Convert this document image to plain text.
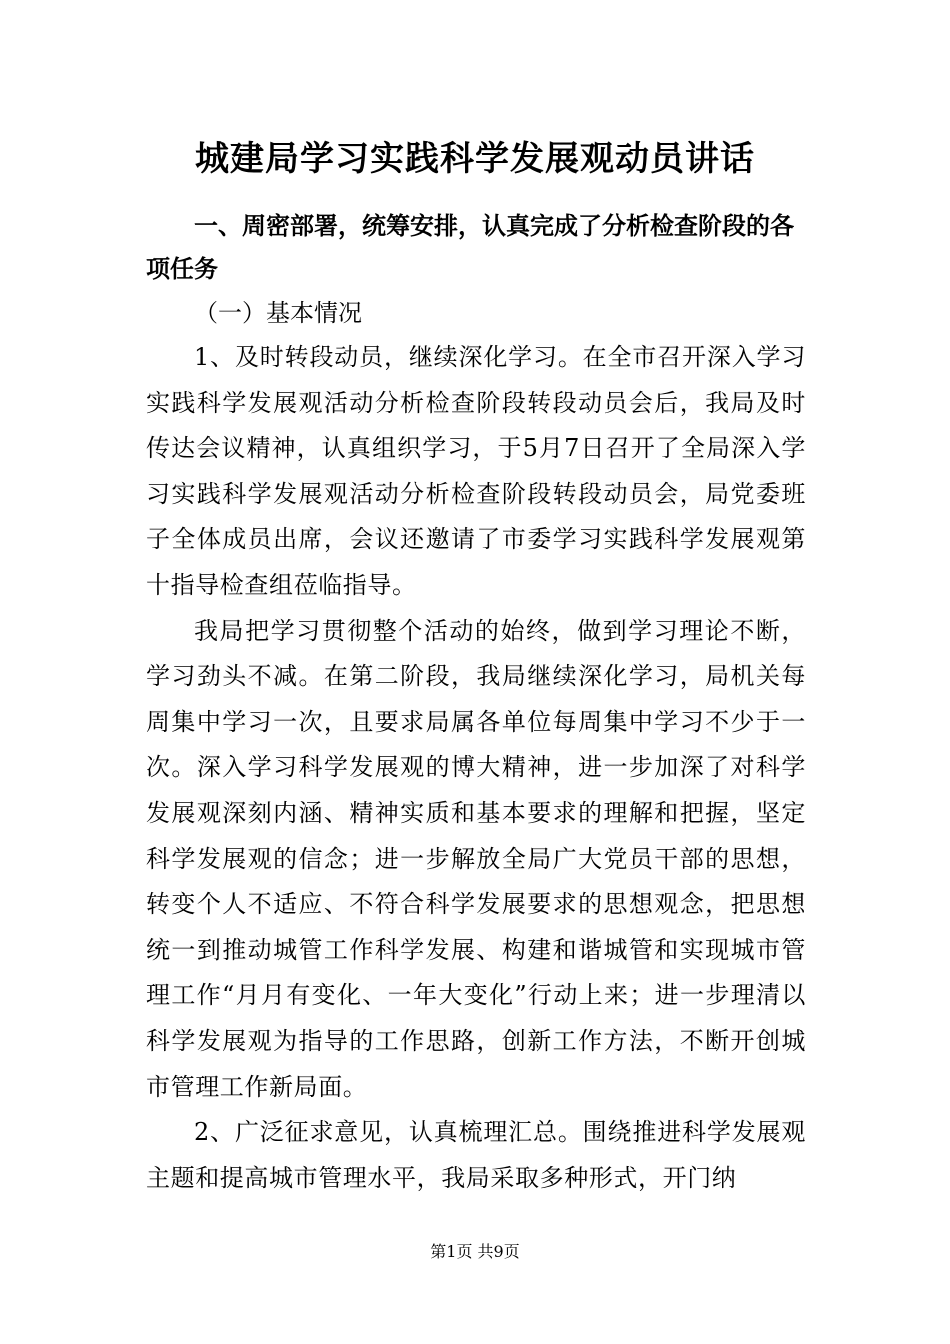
城建局学习实践科学发展观动员讲话

一、周密部署，统筹安排，认真完成了分析检查阶段的各项任务

（一）基本情况

1、及时转段动员，继续深化学习。在全市召开深入学习实践科学发展观活动分析检查阶段转段动员会后，我局及时传达会议精神，认真组织学习，于5月7日召开了全局深入学习实践科学发展观活动分析检查阶段转段动员会，局党委班子全体成员出席，会议还邀请了市委学习实践科学发展观第十指导检查组莅临指导。

我局把学习贯彻整个活动的始终，做到学习理论不断，学习劲头不减。在第二阶段，我局继续深化学习，局机关每周集中学习一次，且要求局属各单位每周集中学习不少于一次。深入学习科学发展观的博大精神，进一步加深了对科学发展观深刻内涵、精神实质和基本要求的理解和把握，坚定科学发展观的信念；进一步解放全局广大党员干部的思想，转变个人不适应、不符合科学发展要求的思想观念，把思想统一到推动城管工作科学发展、构建和谐城管和实现城市管理工作“月月有变化、一年大变化”行动上来；进一步理清以科学发展观为指导的工作思路，创新工作方法，不断开创城市管理工作新局面。

2、广泛征求意见，认真梳理汇总。围绕推进科学发展观主题和提高城市管理水平，我局采取多种形式，开门纳

第1页 共9页
